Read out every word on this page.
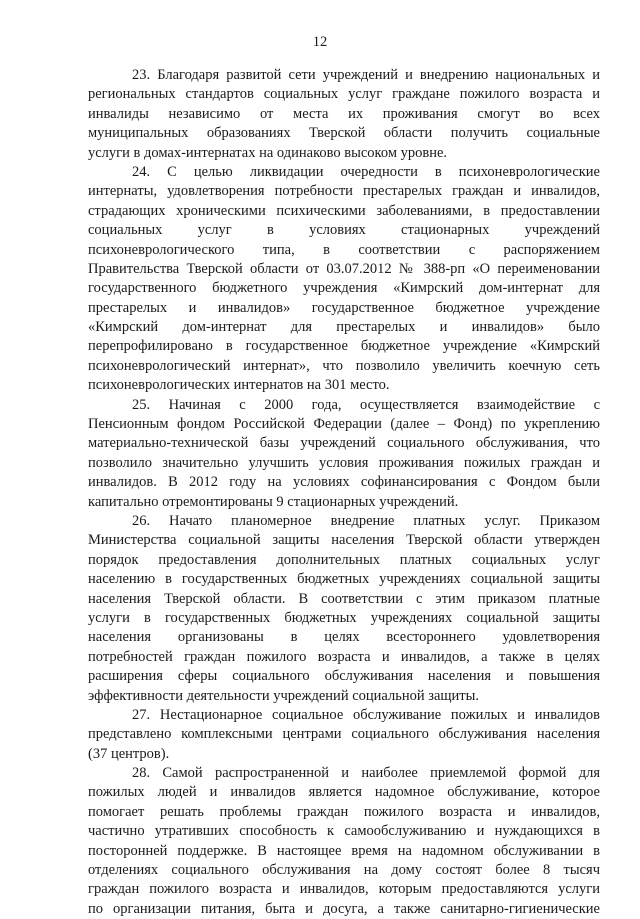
12
23. Благодаря развитой сети учреждений и внедрению национальных и
региональных стандартов социальных услуг граждане пожилого возраста и
инвалиды независимо от места их проживания смогут во всех
муниципальных образованиях Тверской области получить социальные
услуги в домах-интернатах на одинаково высоком уровне.
24. С целью ликвидации очередности в психоневрологические
интернаты, удовлетворения потребности престарелых граждан и инвалидов,
страдающих хроническими психическими заболеваниями, в предоставлении
социальных услуг в условиях стационарных учреждений
психоневрологического типа, в соответствии с распоряжением
Правительства Тверской области от 03.07.2012 № 388-рп «О переименовании
государственного бюджетного учреждения «Кимрский дом-интернат для
престарелых и инвалидов» государственное бюджетное учреждение
«Кимрский дом-интернат для престарелых и инвалидов» было
перепрофилировано в государственное бюджетное учреждение «Кимрский
психоневрологический интернат», что позволило увеличить коечную сеть
психоневрологических интернатов на 301 место.
25. Начиная с 2000 года, осуществляется взаимодействие с
Пенсионным фондом Российской Федерации (далее – Фонд) по укреплению
материально-технической базы учреждений социального обслуживания, что
позволило значительно улучшить условия проживания пожилых граждан и
инвалидов. В 2012 году на условиях софинансирования с Фондом были
капитально отремонтированы 9 стационарных учреждений.
26. Начато планомерное внедрение платных услуг. Приказом
Министерства социальной защиты населения Тверской области утвержден
порядок предоставления дополнительных платных социальных услуг
населению в государственных бюджетных учреждениях социальной защиты
населения Тверской области. В соответствии с этим приказом платные
услуги в государственных бюджетных учреждениях социальной защиты
населения организованы в целях всестороннего удовлетворения
потребностей граждан пожилого возраста и инвалидов, а также в целях
расширения сферы социального обслуживания населения и повышения
эффективности деятельности учреждений социальной защиты.
27. Нестационарное социальное обслуживание пожилых и инвалидов
представлено комплексными центрами социального обслуживания населения
(37 центров).
28. Самой распространенной и наиболее приемлемой формой для
пожилых людей и инвалидов является надомное обслуживание, которое
помогает решать проблемы граждан пожилого возраста и инвалидов,
частично утративших способность к самообслуживанию и нуждающихся в
посторонней поддержке. В настоящее время на надомном обслуживании в
отделениях социального обслуживания на дому состоят более 8 тысяч
граждан пожилого возраста и инвалидов, которым предоставляются услуги
по организации питания, быта и досуга, а также санитарно-гигиенические
